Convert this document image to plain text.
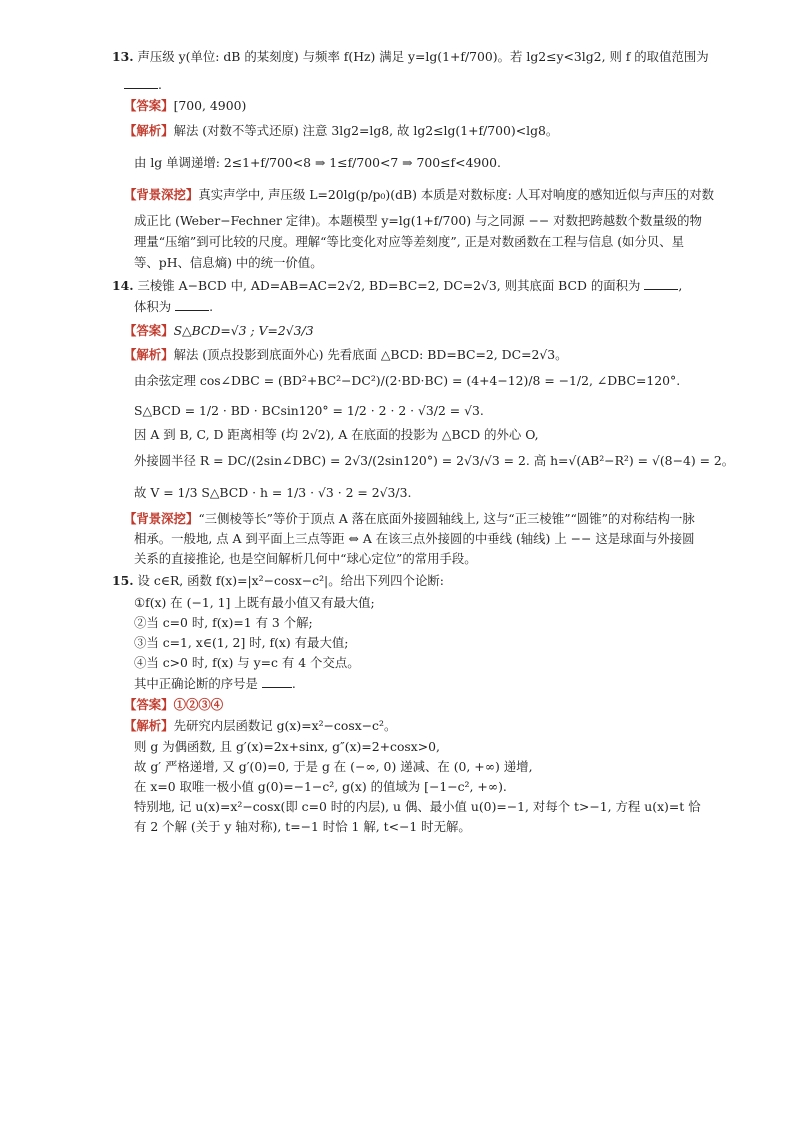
13. 声压级 y(单位: dB 的某刻度) 与频率 f(Hz) 满足 y=lg(1+f/700)。若 lg2≤y<3lg2, 则 f 的取值范围为
.
【答案】[700, 4900)
【解析】解法 (对数不等式还原) 注意 3lg2=lg8, 故 lg2≤lg(1+f/700)<lg8。
由 lg 单调递增: 2≤1+f/700<8 ⇒ 1≤f/700<7 ⇒ 700≤f<4900.
【背景深挖】真实声学中, 声压级 L=20lg(p/p₀)(dB) 本质是对数标度: 人耳对响度的感知近似与声压的对数
成正比 (Weber−Fechner 定律)。本题模型 y=lg(1+f/700) 与之同源 −− 对数把跨越数个数量级的物
理量“压缩”到可比较的尺度。理解“等比变化对应等差刻度”, 正是对数函数在工程与信息 (如分贝、星
等、pH、信息熵) 中的统一价值。
14. 三棱锥 A−BCD 中, AD=AB=AC=2√2, BD=BC=2, DC=2√3, 则其底面 BCD 的面积为	,
体积为	.
【答案】S△BCD=√3 ; V=2√3/3
【解析】解法 (顶点投影到底面外心) 先看底面 △BCD: BD=BC=2, DC=2√3。
由余弦定理 cos∠DBC = (BD²+BC²−DC²)/(2·BD·BC) = (4+4−12)/8 = −1/2, ∠DBC=120°.
S△BCD = 1/2 · BD · BCsin120° = 1/2 · 2 · 2 · √3/2 = √3.
因 A 到 B, C, D 距离相等 (均 2√2), A 在底面的投影为 △BCD 的外心 O,
外接圆半径 R = DC/(2sin∠DBC) = 2√3/(2sin120°) = 2√3/√3 = 2. 高 h=√(AB²−R²) = √(8−4) = 2。
故 V = 1/3 S△BCD · h = 1/3 · √3 · 2 = 2√3/3.
【背景深挖】“三侧棱等长”等价于顶点 A 落在底面外接圆轴线上, 这与“正三棱锥”“圆锥”的对称结构一脉
相承。一般地, 点 A 到平面上三点等距 ⇔ A 在该三点外接圆的中垂线 (轴线) 上 −− 这是球面与外接圆
关系的直接推论, 也是空间解析几何中“球心定位”的常用手段。
15. 设 c∈R, 函数 f(x)=|x²−cosx−c²|。给出下列四个论断:
①f(x) 在 (−1, 1] 上既有最小值又有最大值;
②当 c=0 时, f(x)=1 有 3 个解;
③当 c=1, x∈(1, 2] 时, f(x) 有最大值;
④当 c>0 时, f(x) 与 y=c 有 4 个交点。
其中正确论断的序号是	.
【答案】①②③④
【解析】先研究内层函数记 g(x)=x²−cosx−c²。
则 g 为偶函数, 且 g′(x)=2x+sinx, g″(x)=2+cosx>0,
故 g′ 严格递增, 又 g′(0)=0, 于是 g 在 (−∞, 0) 递减、在 (0, +∞) 递增,
在 x=0 取唯一极小值 g(0)=−1−c², g(x) 的值域为 [−1−c², +∞).
特别地, 记 u(x)=x²−cosx(即 c=0 时的内层), u 偶、最小值 u(0)=−1, 对每个 t>−1, 方程 u(x)=t 恰
有 2 个解 (关于 y 轴对称), t=−1 时恰 1 解, t<−1 时无解。
